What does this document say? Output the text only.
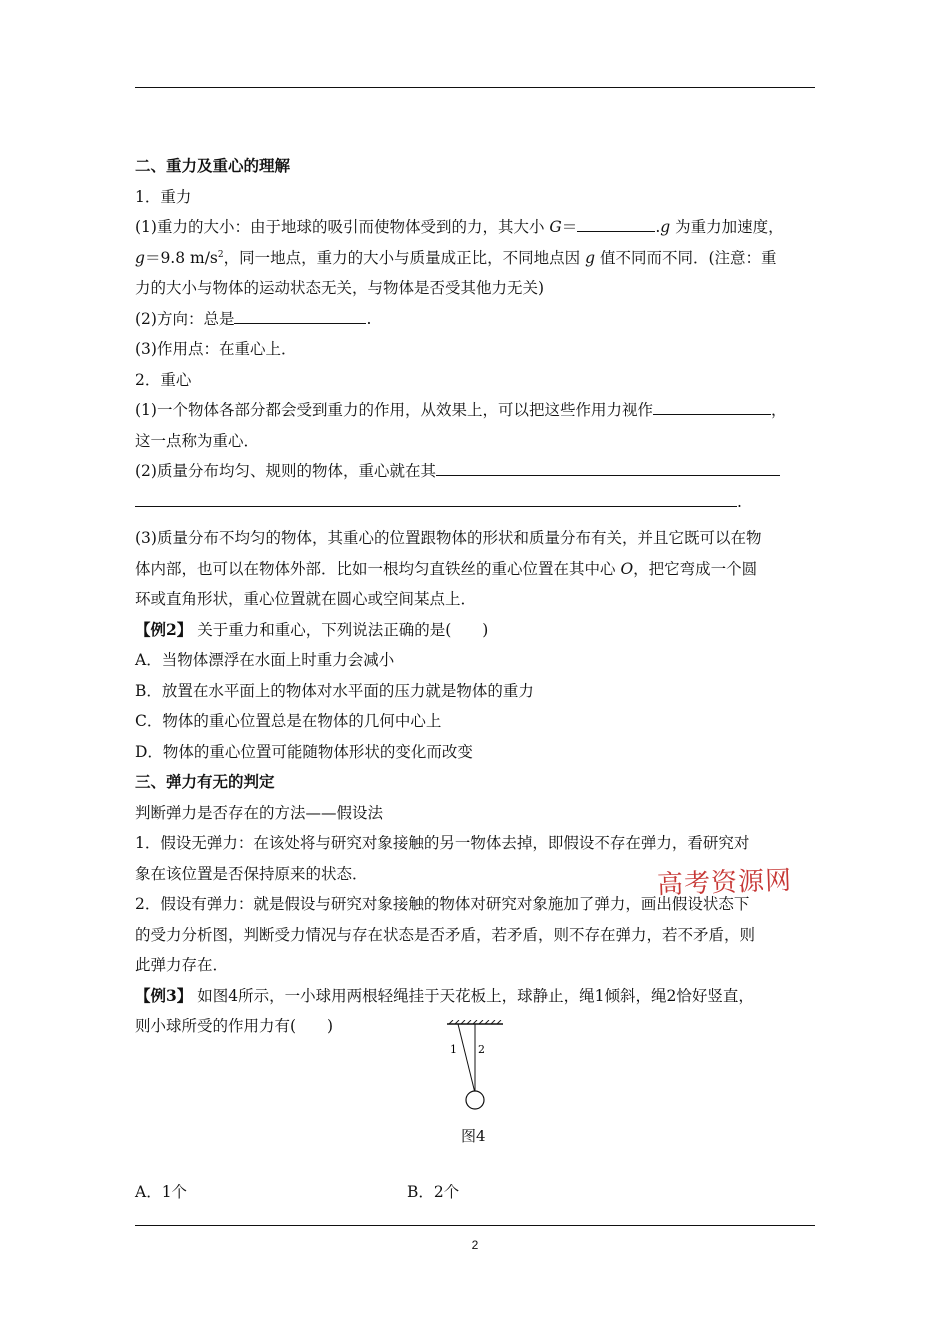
二、重力及重心的理解

1．重力

(1)重力的大小：由于地球的吸引而使物体受到的力，其大小 G＝	.g 为重力加速度，

g＝9.8 $m/s^2$，同一地点，重力的大小与质量成正比，不同地点因 g 值不同而不同．(注意：重

力的大小与物体的运动状态无关，与物体是否受其他力无关)

(2)方向：总是	.

(3)作用点：在重心上．

2．重心

(1)一个物体各部分都会受到重力的作用，从效果上，可以把这些作用力视作	，

这一点称为重心．

(2)质量分布均匀、规则的物体，重心就在其

.

(3)质量分布不均匀的物体，其重心的位置跟物体的形状和质量分布有关，并且它既可以在物

体内部，也可以在物体外部．比如一根均匀直铁丝的重心位置在其中心 O，把它弯成一个圆

环或直角形状，重心位置就在圆心或空间某点上．

【例2】 关于重力和重心，下列说法正确的是(　　)

A．当物体漂浮在水面上时重力会减小

B．放置在水平面上的物体对水平面的压力就是物体的重力

C．物体的重心位置总是在物体的几何中心上

D．物体的重心位置可能随物体形状的变化而改变

三、弹力有无的判定

判断弹力是否存在的方法——假设法

1．假设无弹力：在该处将与研究对象接触的另一物体去掉，即假设不存在弹力，看研究对

象在该位置是否保持原来的状态．

2．假设有弹力：就是假设与研究对象接触的物体对研究对象施加了弹力，画出假设状态下

的受力分析图，判断受力情况与存在状态是否矛盾，若矛盾，则不存在弹力，若不矛盾，则

此弹力存在．

【例3】 如图4所示，一小球用两根轻绳挂于天花板上，球静止，绳1倾斜，绳2恰好竖直，

则小球所受的作用力有(　　)

1 2
图4
A．1个	B．2个
高考资源网
2
